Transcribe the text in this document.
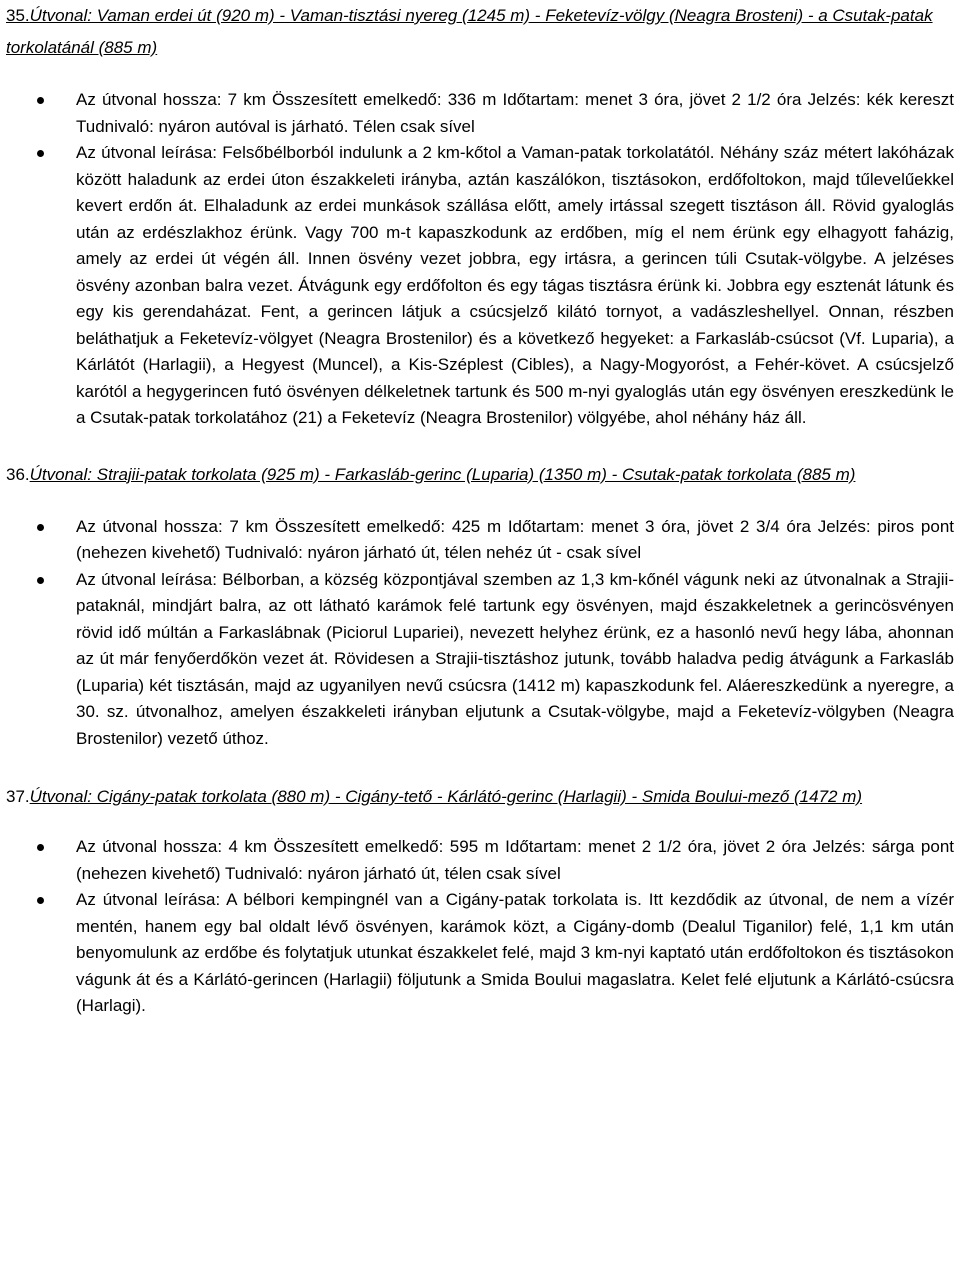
35.Útvonal: Vaman erdei út (920 m) - Vaman-tisztási nyereg (1245 m) - Feketevíz-völgy (Neagra Brosteni) - a Csutak-patak torkolatánál (885 m)
Az útvonal hossza: 7 km Összesített emelkedő: 336 m Időtartam: menet 3 óra, jövet 2 1/2 óra Jelzés: kék kereszt Tudnivaló: nyáron autóval is járható. Télen csak sível
Az útvonal leírása: Felsőbélborból indulunk a 2 km-kőtol a Vaman-patak torkolatától. Néhány száz métert lakóházak között haladunk az erdei úton északkeleti irányba, aztán kaszálókon, tisztásokon, erdőfoltokon, majd tűlevelűekkel kevert erdőn át. Elhaladunk az erdei munkások szállása előtt, amely irtással szegett tisztáson áll. Rövid gyaloglás után az erdészlakhoz érünk. Vagy 700 m-t kapaszkodunk az erdőben, míg el nem érünk egy elhagyott faházig, amely az erdei út végén áll. Innen ösvény vezet jobbra, egy irtásra, a gerincen túli Csutak-völgybe. A jelzéses ösvény azonban balra vezet. Átvágunk egy erdőfolton és egy tágas tisztásra érünk ki. Jobbra egy esztenát látunk és egy kis gerendaházat. Fent, a gerincen látjuk a csúcsjelző kilátó tornyot, a vadászleshellyel. Onnan, részben beláthatjuk a Feketevíz-völgyet (Neagra Brostenilor) és a következő hegyeket: a Farkasláb-csúcsot (Vf. Luparia), a Kárlátót (Harlagii), a Hegyest (Muncel), a Kis-Széplest (Cibles), a Nagy-Mogyoróst, a Fehér-követ. A csúcsjelző karótól a hegygerincen futó ösvényen délkeletnek tartunk és 500 m-nyi gyaloglás után egy ösvényen ereszkedünk le a Csutak-patak torkolatához (21) a Feketevíz (Neagra Brostenilor) völgyébe, ahol néhány ház áll.
36.Útvonal: Strajii-patak torkolata (925 m) - Farkasláb-gerinc (Luparia) (1350 m) - Csutak-patak torkolata (885 m)
Az útvonal hossza: 7 km Összesített emelkedő: 425 m Időtartam: menet 3 óra, jövet 2 3/4 óra Jelzés: piros pont (nehezen kivehető) Tudnivaló: nyáron járható út, télen nehéz út - csak sível
Az útvonal leírása: Bélborban, a község központjával szemben az 1,3 km-kőnél vágunk neki az útvonalnak a Strajii-pataknál, mindjárt balra, az ott látható karámok felé tartunk egy ösvényen, majd északkeletnek a gerincösvényen rövid idő múltán a Farkaslábnak (Piciorul Lupariei), nevezett helyhez érünk, ez a hasonló nevű hegy lába, ahonnan az út már fenyőerdőkön vezet át. Rövidesen a Strajii-tisztáshoz jutunk, tovább haladva pedig átvágunk a Farkasláb (Luparia) két tisztásán, majd az ugyanilyen nevű csúcsra (1412 m) kapaszkodunk fel. Aláereszkedünk a nyeregre, a 30. sz. útvonalhoz, amelyen északkeleti irányban eljutunk a Csutak-völgybe, majd a Feketevíz-völgyben (Neagra Brostenilor) vezető úthoz.
37.Útvonal: Cigány-patak torkolata (880 m) - Cigány-tető - Kárlátó-gerinc (Harlagii) - Smida Boului-mező (1472 m)
Az útvonal hossza: 4 km Összesített emelkedő: 595 m Időtartam: menet 2 1/2 óra, jövet 2 óra Jelzés: sárga pont (nehezen kivehető) Tudnivaló: nyáron járható út, télen csak sível
Az útvonal leírása: A bélbori kempingnél van a Cigány-patak torkolata is. Itt kezdődik az útvonal, de nem a vízér mentén, hanem egy bal oldalt lévő ösvényen, karámok közt, a Cigány-domb (Dealul Tiganilor) felé, 1,1 km után benyomulunk az erdőbe és folytatjuk utunkat északkelet felé, majd 3 km-nyi kaptató után erdőfoltokon és tisztásokon vágunk át és a Kárlátó-gerincen (Harlagii) följutunk a Smida Boului magaslatra. Kelet felé eljutunk a Kárlátó-csúcsra (Harlagi).
